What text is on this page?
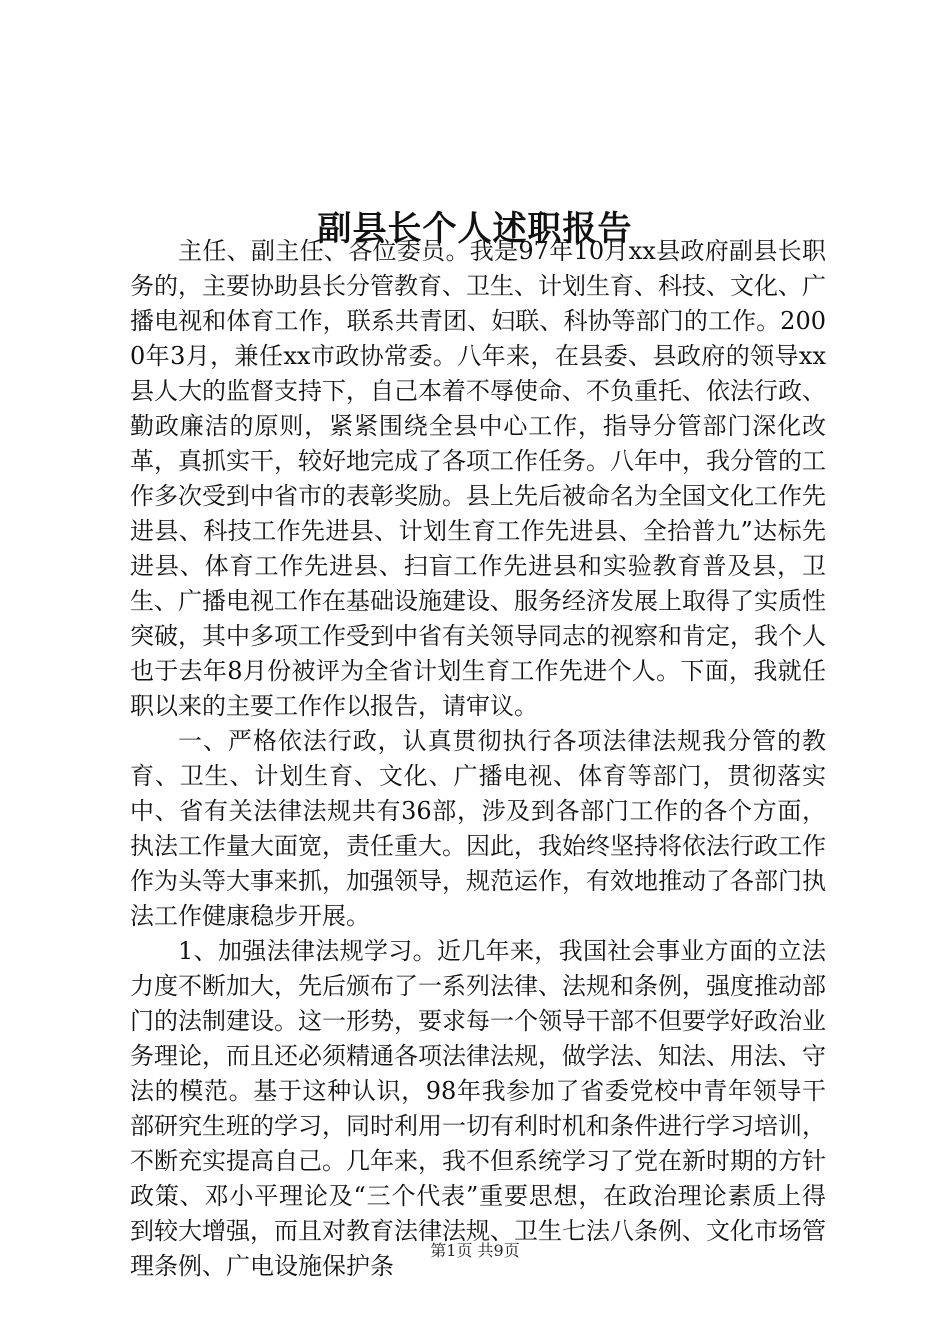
副县长个人述职报告

主任、副主任、各位委员。我是97年10月xx县政府副县长职务的，主要协助县长分管教育、卫生、计划生育、科技、文化、广播电视和体育工作，联系共青团、妇联、科协等部门的工作。2000年3月，兼任xx市政协常委。八年来，在县委、县政府的领导xx县人大的监督支持下，自己本着不辱使命、不负重托、依法行政、勤政廉洁的原则，紧紧围绕全县中心工作，指导分管部门深化改革，真抓实干，较好地完成了各项工作任务。八年中，我分管的工作多次受到中省市的表彰奖励。县上先后被命名为全国文化工作先进县、科技工作先进县、计划生育工作先进县、全拾普九”达标先进县、体育工作先进县、扫盲工作先进县和实验教育普及县，卫生、广播电视工作在基础设施建设、服务经济发展上取得了实质性突破，其中多项工作受到中省有关领导同志的视察和肯定，我个人也于去年8月份被评为全省计划生育工作先进个人。下面，我就任职以来的主要工作作以报告，请审议。

一、严格依法行政，认真贯彻执行各项法律法规我分管的教育、卫生、计划生育、文化、广播电视、体育等部门，贯彻落实中、省有关法律法规共有36部，涉及到各部门工作的各个方面，执法工作量大面宽，责任重大。因此，我始终坚持将依法行政工作作为头等大事来抓，加强领导，规范运作，有效地推动了各部门执法工作健康稳步开展。

1、加强法律法规学习。近几年来，我国社会事业方面的立法力度不断加大，先后颁布了一系列法律、法规和条例，强度推动部门的法制建设。这一形势，要求每一个领导干部不但要学好政治业务理论，而且还必须精通各项法律法规，做学法、知法、用法、守法的模范。基于这种认识，98年我参加了省委党校中青年领导干部研究生班的学习，同时利用一切有利时机和条件进行学习培训，不断充实提高自己。几年来，我不但系统学习了党在新时期的方针政策、邓小平理论及“三个代表”重要思想，在政治理论素质上得到较大增强，而且对教育法律法规、卫生七法八条例、文化市场管理条例、广电设施保护条

第1页 共9页
